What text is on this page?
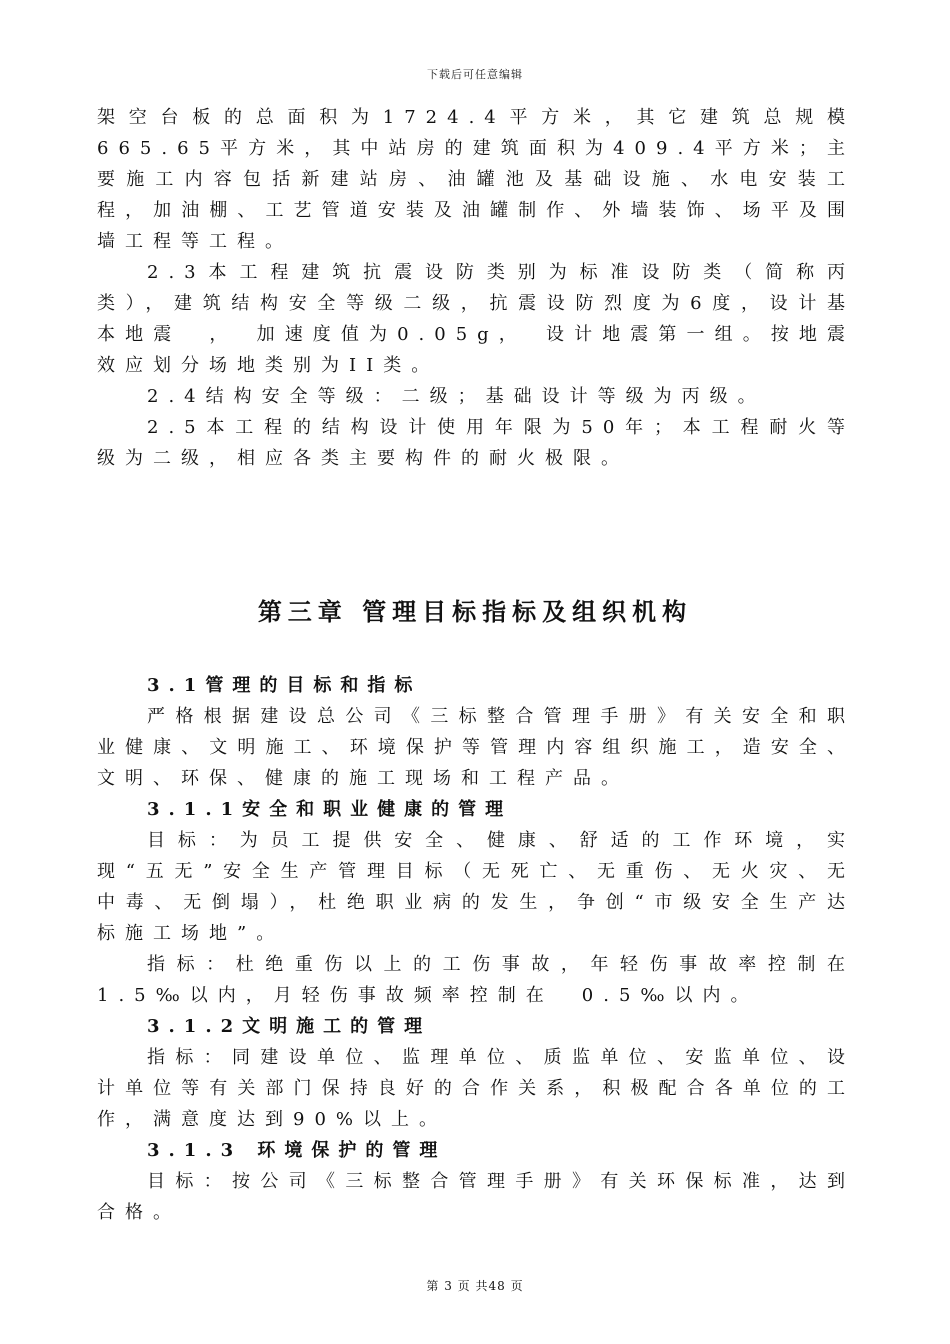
下载后可任意编辑

架空台板的总面积为1724.4平方米，其它建筑总规模665.65平方米，其中站房的建筑面积为409.4平方米；主要施工内容包括新建站房、油罐池及基础设施、水电安装工程，加油棚、工艺管道安装及油罐制作、外墙装饰、场平及围墙工程等工程。

2.3本工程建筑抗震设防类别为标准设防类（简称丙类），建筑结构安全等级二级，抗震设防烈度为6度，设计基本地震　，　加速度值为0.05g，　设计地震第一组。按地震效应划分场地类别为II类。

2.4结构安全等级：二级；基础设计等级为丙级。

2.5本工程的结构设计使用年限为50年；本工程耐火等级为二级，相应各类主要构件的耐火极限。

第三章 管理目标指标及组织机构

3.1管理的目标和指标

严格根据建设总公司《三标整合管理手册》有关安全和职业健康、文明施工、环境保护等管理内容组织施工，造安全、文明、环保、健康的施工现场和工程产品。

3.1.1安全和职业健康的管理

目标：为员工提供安全、健康、舒适的工作环境，实现“五无”安全生产管理目标（无死亡、无重伤、无火灾、无中毒、无倒塌），杜绝职业病的发生，争创“市级安全生产达标施工场地”。

指标：杜绝重伤以上的工伤事故，年轻伤事故率控制在1.5‰以内，月轻伤事故频率控制在　0.5‰以内。

3.1.2文明施工的管理

指标：同建设单位、监理单位、质监单位、安监单位、设计单位等有关部门保持良好的合作关系，积极配合各单位的工作，满意度达到90%以上。

3.1.3 环境保护的管理

目标：按公司《三标整合管理手册》有关环保标准，达到合格。

第 3 页 共48 页
